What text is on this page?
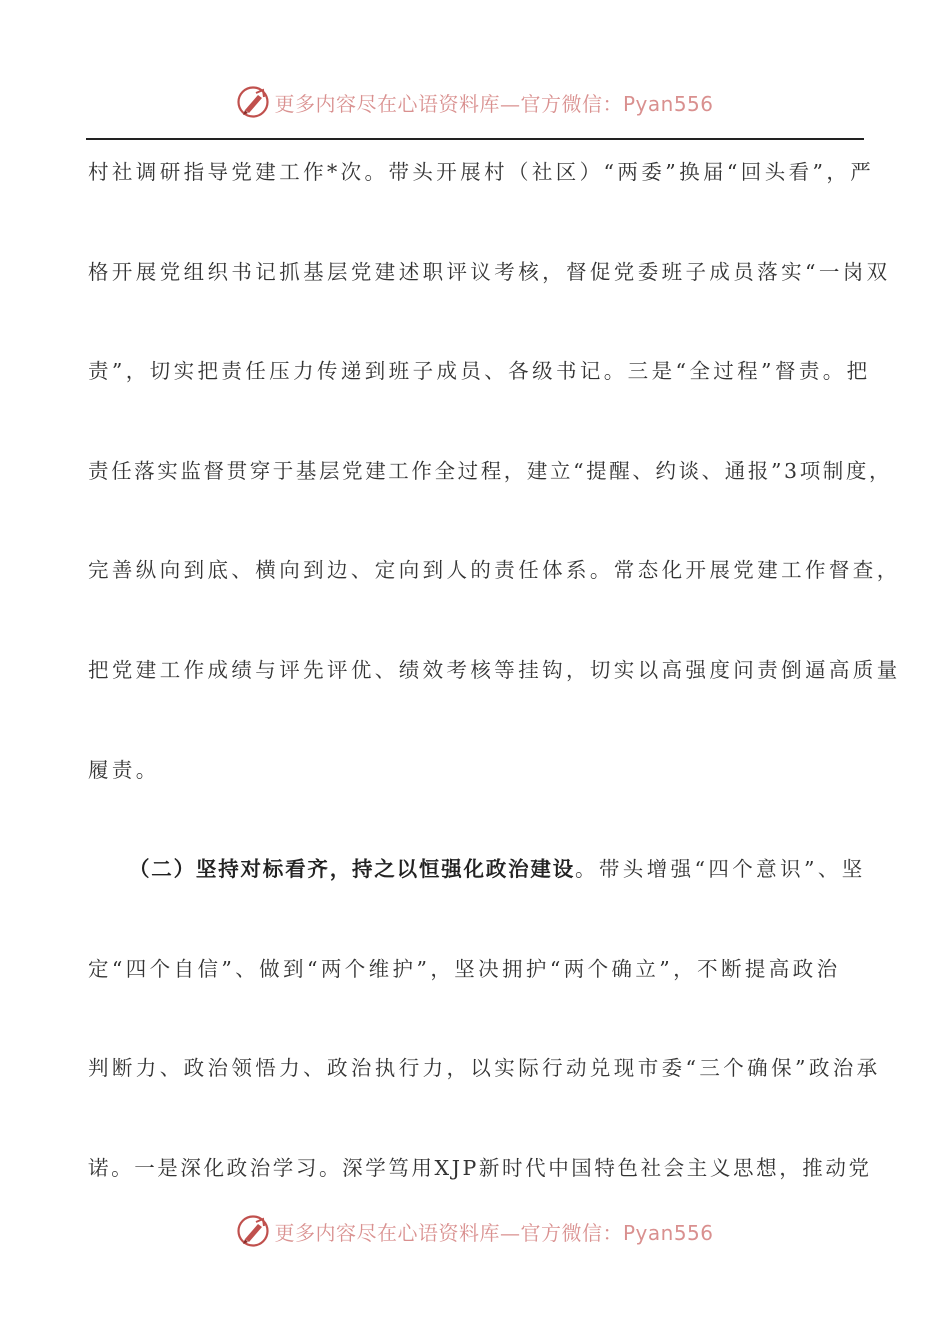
更多内容尽在心语资料库—官方微信：Pyan556
村社调研指导党建工作*次。带头开展村（社区）“两委”换届“回头看”，严
格开展党组织书记抓基层党建述职评议考核，督促党委班子成员落实“一岗双
责”，切实把责任压力传递到班子成员、各级书记。三是“全过程”督责。把
责任落实监督贯穿于基层党建工作全过程，建立“提醒、约谈、通报”3项制度，
完善纵向到底、横向到边、定向到人的责任体系。常态化开展党建工作督查，
把党建工作成绩与评先评优、绩效考核等挂钩，切实以高强度问责倒逼高质量
履责。
（二）坚持对标看齐，持之以恒强化政治建设。带头增强“四个意识”、坚
定“四个自信”、做到“两个维护”，坚决拥护“两个确立”，不断提高政治
判断力、政治领悟力、政治执行力，以实际行动兑现市委“三个确保”政治承
诺。一是深化政治学习。深学笃用XJP新时代中国特色社会主义思想，推动党
更多内容尽在心语资料库—官方微信：Pyan556
